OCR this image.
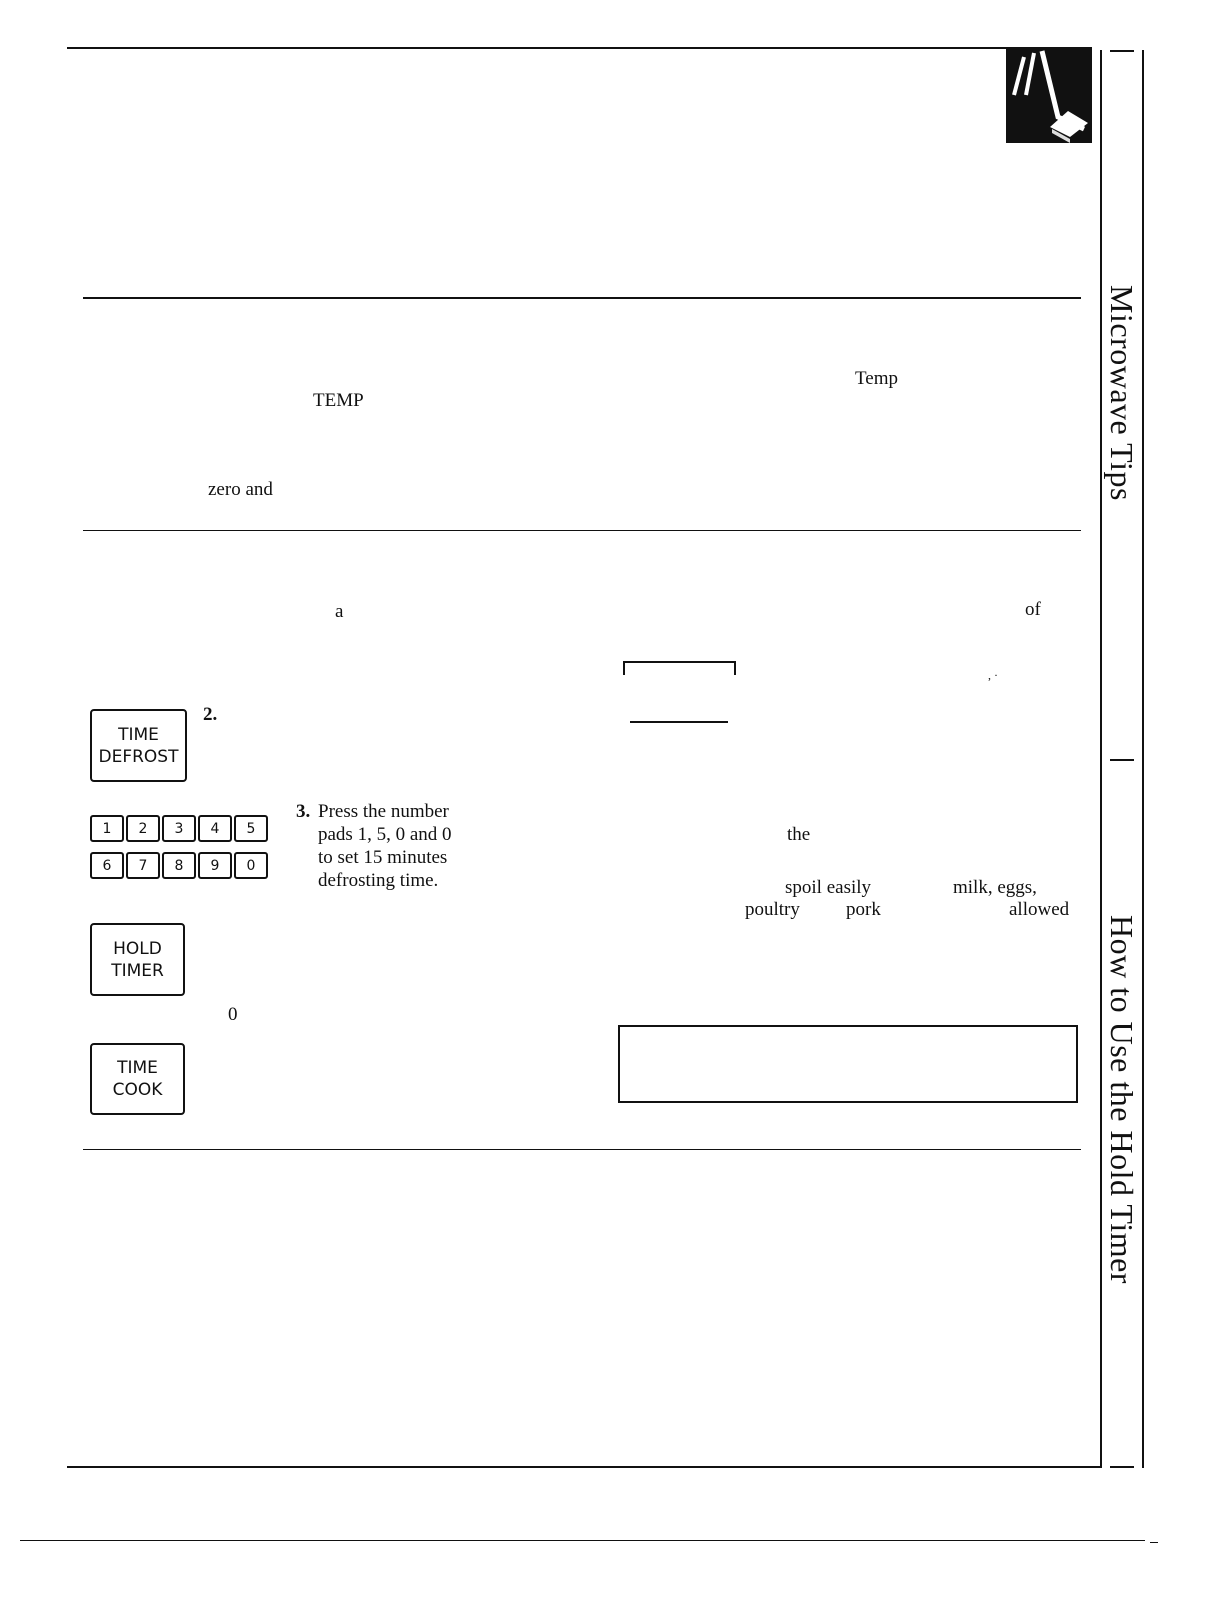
Microwave Tips
How to Use the Hold Timer
Temp
TEMP
zero and
a	of
, ·
TIME
DEFROST
2.
1	2	3	4	5
6	7	8	9	0
3. Press the number
pads 1, 5, 0 and 0
to set 15 minutes
defrosting time.
the
spoil easily	milk, eggs,
poultry pork	allowed
HOLD
TIMER
0
TIME
COOK
